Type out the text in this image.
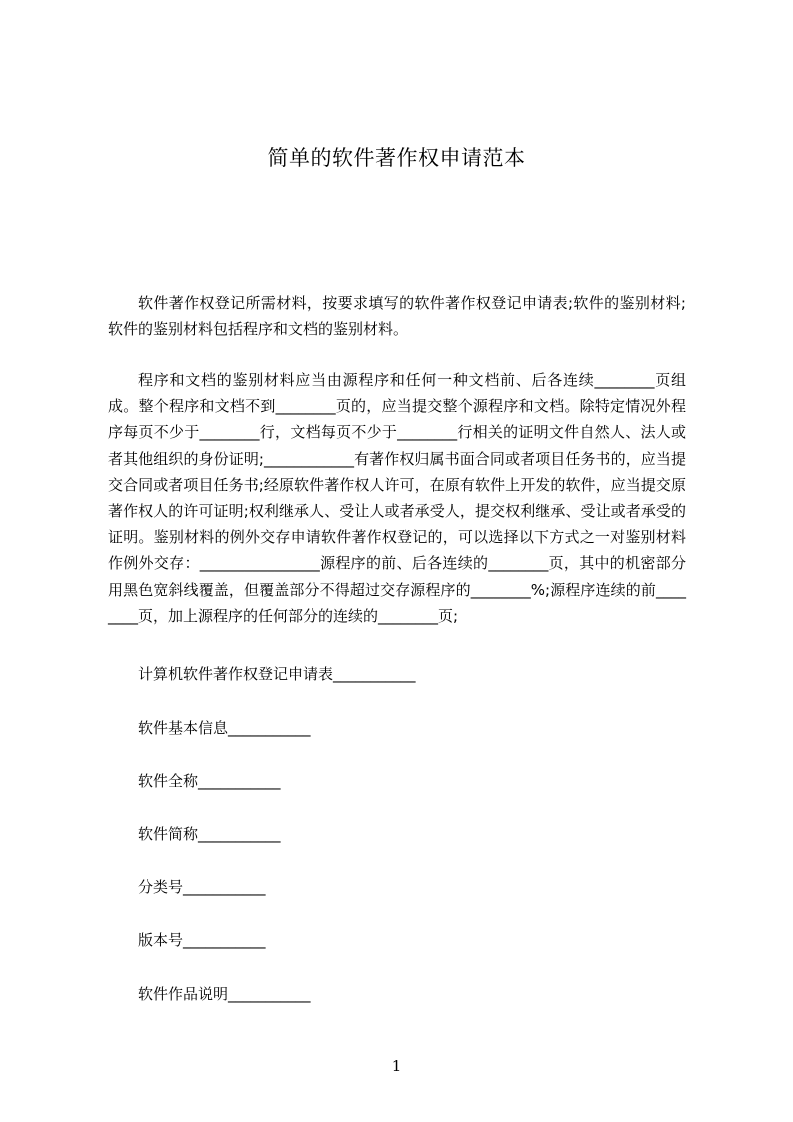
简单的软件著作权申请范本

软件著作权登记所需材料，按要求填写的软件著作权登记申请表;软件的鉴别材料;软件的鉴别材料包括程序和文档的鉴别材料。

程序和文档的鉴别材料应当由源程序和任何一种文档前、后各连续________页组成。整个程序和文档不到________页的，应当提交整个源程序和文档。除特定情况外程序每页不少于________行，文档每页不少于________行相关的证明文件自然人、法人或者其他组织的身份证明;____________有著作权归属书面合同或者项目任务书的，应当提交合同或者项目任务书;经原软件著作权人许可，在原有软件上开发的软件，应当提交原著作权人的许可证明;权利继承人、受让人或者承受人，提交权利继承、受让或者承受的证明。鉴别材料的例外交存申请软件著作权登记的，可以选择以下方式之一对鉴别材料作例外交存：________________源程序的前、后各连续的________页，其中的机密部分用黑色宽斜线覆盖，但覆盖部分不得超过交存源程序的________%;源程序连续的前________页，加上源程序的任何部分的连续的________页;

计算机软件著作权登记申请表___________

软件基本信息___________

软件全称___________

软件简称___________

分类号___________

版本号___________

软件作品说明___________

1
